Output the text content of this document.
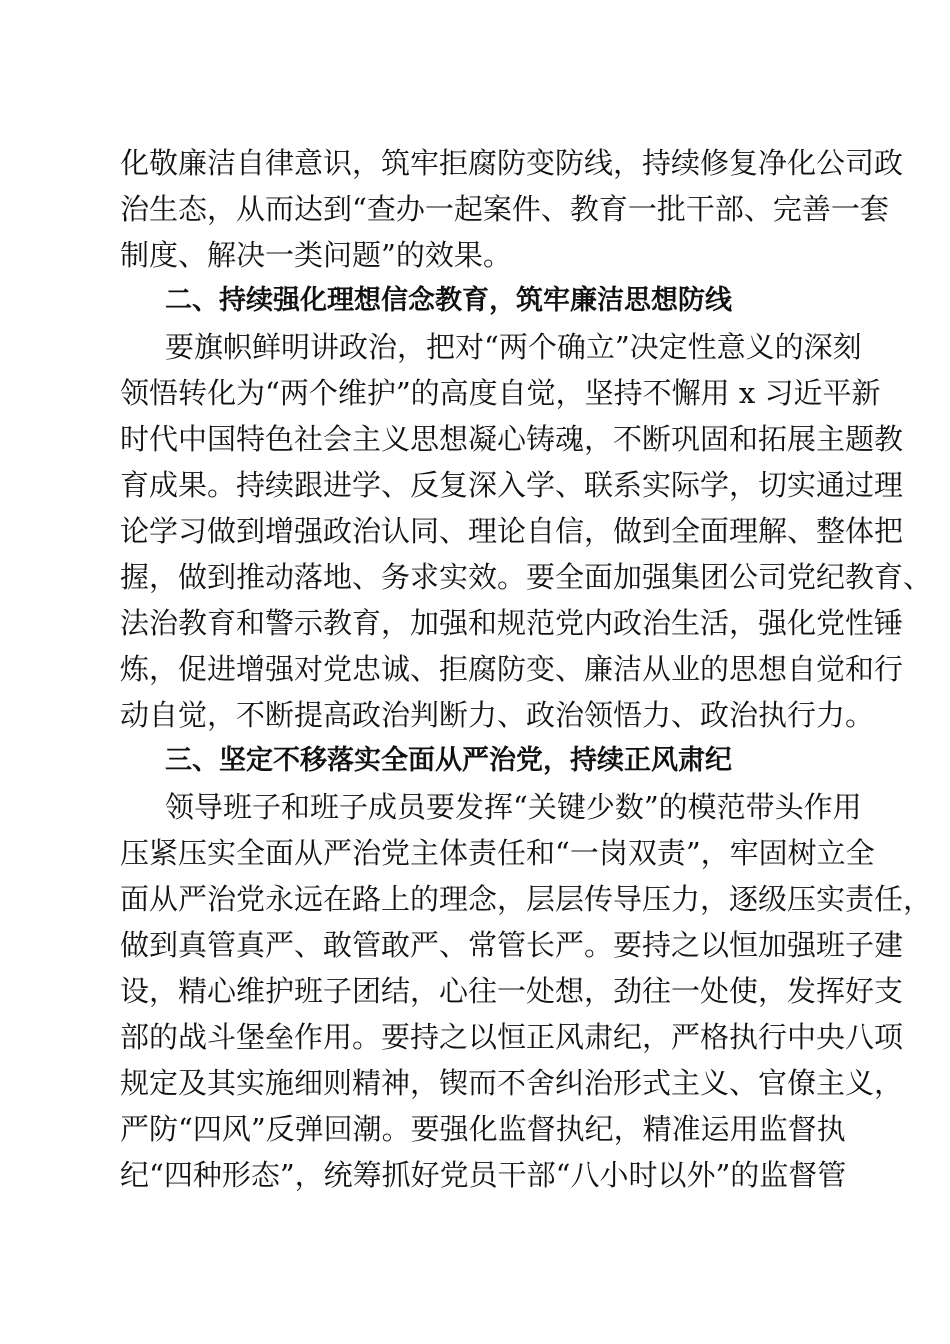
化敬廉洁自律意识，筑牢拒腐防变防线，持续修复净化公司政
治生态，从而达到“查办一起案件、教育一批干部、完善一套
制度、解决一类问题”的效果。
二、持续强化理想信念教育，筑牢廉洁思想防线
要旗帜鲜明讲政治，把对“两个确立”决定性意义的深刻
领悟转化为“两个维护”的高度自觉，坚持不懈用 x 习近平新
时代中国特色社会主义思想凝心铸魂，不断巩固和拓展主题教
育成果。持续跟进学、反复深入学、联系实际学，切实通过理
论学习做到增强政治认同、理论自信，做到全面理解、整体把
握，做到推动落地、务求实效。要全面加强集团公司党纪教育、
法治教育和警示教育，加强和规范党内政治生活，强化党性锤
炼，促进增强对党忠诚、拒腐防变、廉洁从业的思想自觉和行
动自觉，不断提高政治判断力、政治领悟力、政治执行力。
三、坚定不移落实全面从严治党，持续正风肃纪
领导班子和班子成员要发挥“关键少数”的模范带头作用
压紧压实全面从严治党主体责任和“一岗双责”，牢固树立全
面从严治党永远在路上的理念，层层传导压力，逐级压实责任，
做到真管真严、敢管敢严、常管长严。要持之以恒加强班子建
设，精心维护班子团结，心往一处想，劲往一处使，发挥好支
部的战斗堡垒作用。要持之以恒正风肃纪，严格执行中央八项
规定及其实施细则精神，锲而不舍纠治形式主义、官僚主义，
严防“四风”反弹回潮。要强化监督执纪，精准运用监督执
纪“四种形态”，统筹抓好党员干部“八小时以外”的监督管
